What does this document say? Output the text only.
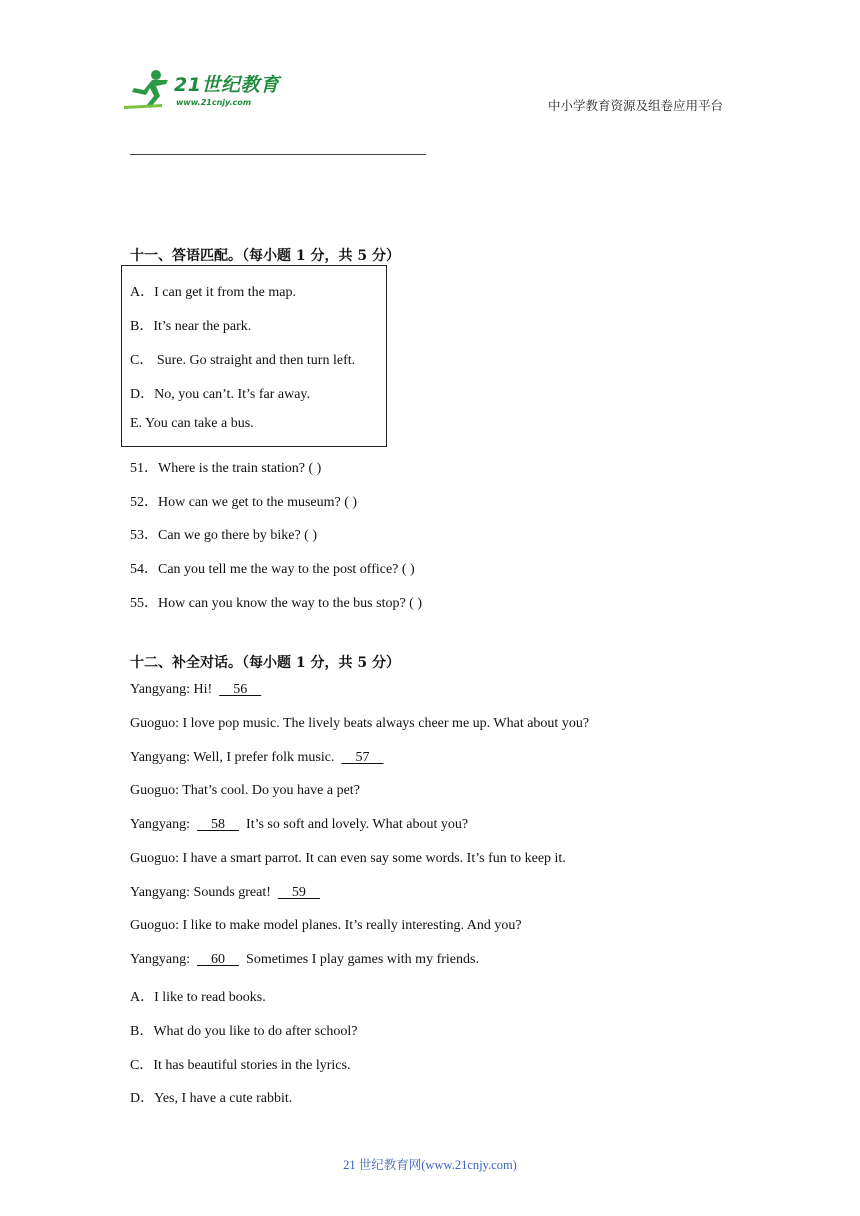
21世纪教育
www.21cnjy.com	中小学教育资源及组卷应用平台
十一、答语匹配。（每小题 1 分，共 5 分）
A．I can get it from the map.
B．It’s near the park.
C． Sure. Go straight and then turn left.
D．No, you can’t. It’s far away.
E. You can take a bus.
51．Where is the train station? ( )
52．How can we get to the museum? ( )
53．Can we go there by bike? ( )
54．Can you tell me the way to the post office? ( )
55．How can you know the way to the bus stop? ( )
十二、补全对话。（每小题 1 分，共 5 分）
Yangyang: Hi!      56
Guoguo: I love pop music. The lively beats always cheer me up. What about you?
Yangyang: Well, I prefer folk music.      57
Guoguo: That’s cool. Do you have a pet?
Yangyang:      58      It’s so soft and lovely. What about you?
Guoguo: I have a smart parrot. It can even say some words. It’s fun to keep it.
Yangyang: Sounds great!      59
Guoguo: I like to make model planes. It’s really interesting. And you?
Yangyang:      60      Sometimes I play games with my friends.
A．I like to read books.
B．What do you like to do after school?
C．It has beautiful stories in the lyrics.
D．Yes, I have a cute rabbit.
21 世纪教育网(www.21cnjy.com)
